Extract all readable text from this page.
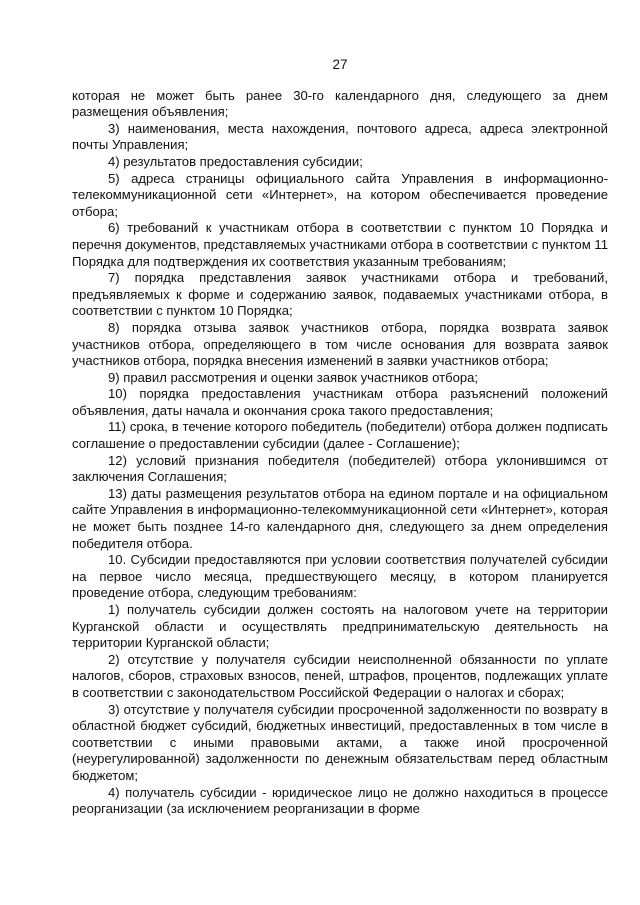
27

которая не может быть ранее 30-го календарного дня, следующего за днем размещения объявления;

3) наименования, места нахождения, почтового адреса, адреса электронной почты Управления;

4) результатов предоставления субсидии;

5) адреса страницы официального сайта Управления в информационно-телекоммуникационной сети «Интернет», на котором обеспечивается проведение отбора;

6) требований к участникам отбора в соответствии с пунктом 10 Порядка и перечня документов, представляемых участниками отбора в соответствии с пунктом 11 Порядка для подтверждения их соответствия указанным требованиям;

7) порядка представления заявок участниками отбора и требований, предъявляемых к форме и содержанию заявок, подаваемых участниками отбора, в соответствии с пунктом 10 Порядка;

8) порядка отзыва заявок участников отбора, порядка возврата заявок участников отбора, определяющего в том числе основания для возврата заявок участников отбора, порядка внесения изменений в заявки участников отбора;

9) правил рассмотрения и оценки заявок участников отбора;

10) порядка предоставления участникам отбора разъяснений положений объявления, даты начала и окончания срока такого предоставления;

11) срока, в течение которого победитель (победители) отбора должен подписать соглашение о предоставлении субсидии (далее - Соглашение);

12) условий признания победителя (победителей) отбора уклонившимся от заключения Соглашения;

13) даты размещения результатов отбора на едином портале и на официальном сайте Управления в информационно-телекоммуникационной сети «Интернет», которая не может быть позднее 14-го календарного дня, следующего за днем определения победителя отбора.

10. Субсидии предоставляются при условии соответствия получателей субсидии на первое число месяца, предшествующего месяцу, в котором планируется проведение отбора, следующим требованиям:

1) получатель субсидии должен состоять на налоговом учете на территории Курганской области и осуществлять предпринимательскую деятельность на территории Курганской области;

2) отсутствие у получателя субсидии неисполненной обязанности по уплате налогов, сборов, страховых взносов, пеней, штрафов, процентов, подлежащих уплате в соответствии с законодательством Российской Федерации о налогах и сборах;

3) отсутствие у получателя субсидии просроченной задолженности по возврату в областной бюджет субсидий, бюджетных инвестиций, предоставленных в том числе в соответствии с иными правовыми актами, а также иной просроченной (неурегулированной) задолженности по денежным обязательствам перед областным бюджетом;

4) получатель субсидии - юридическое лицо не должно находиться в процессе реорганизации (за исключением реорганизации в форме
